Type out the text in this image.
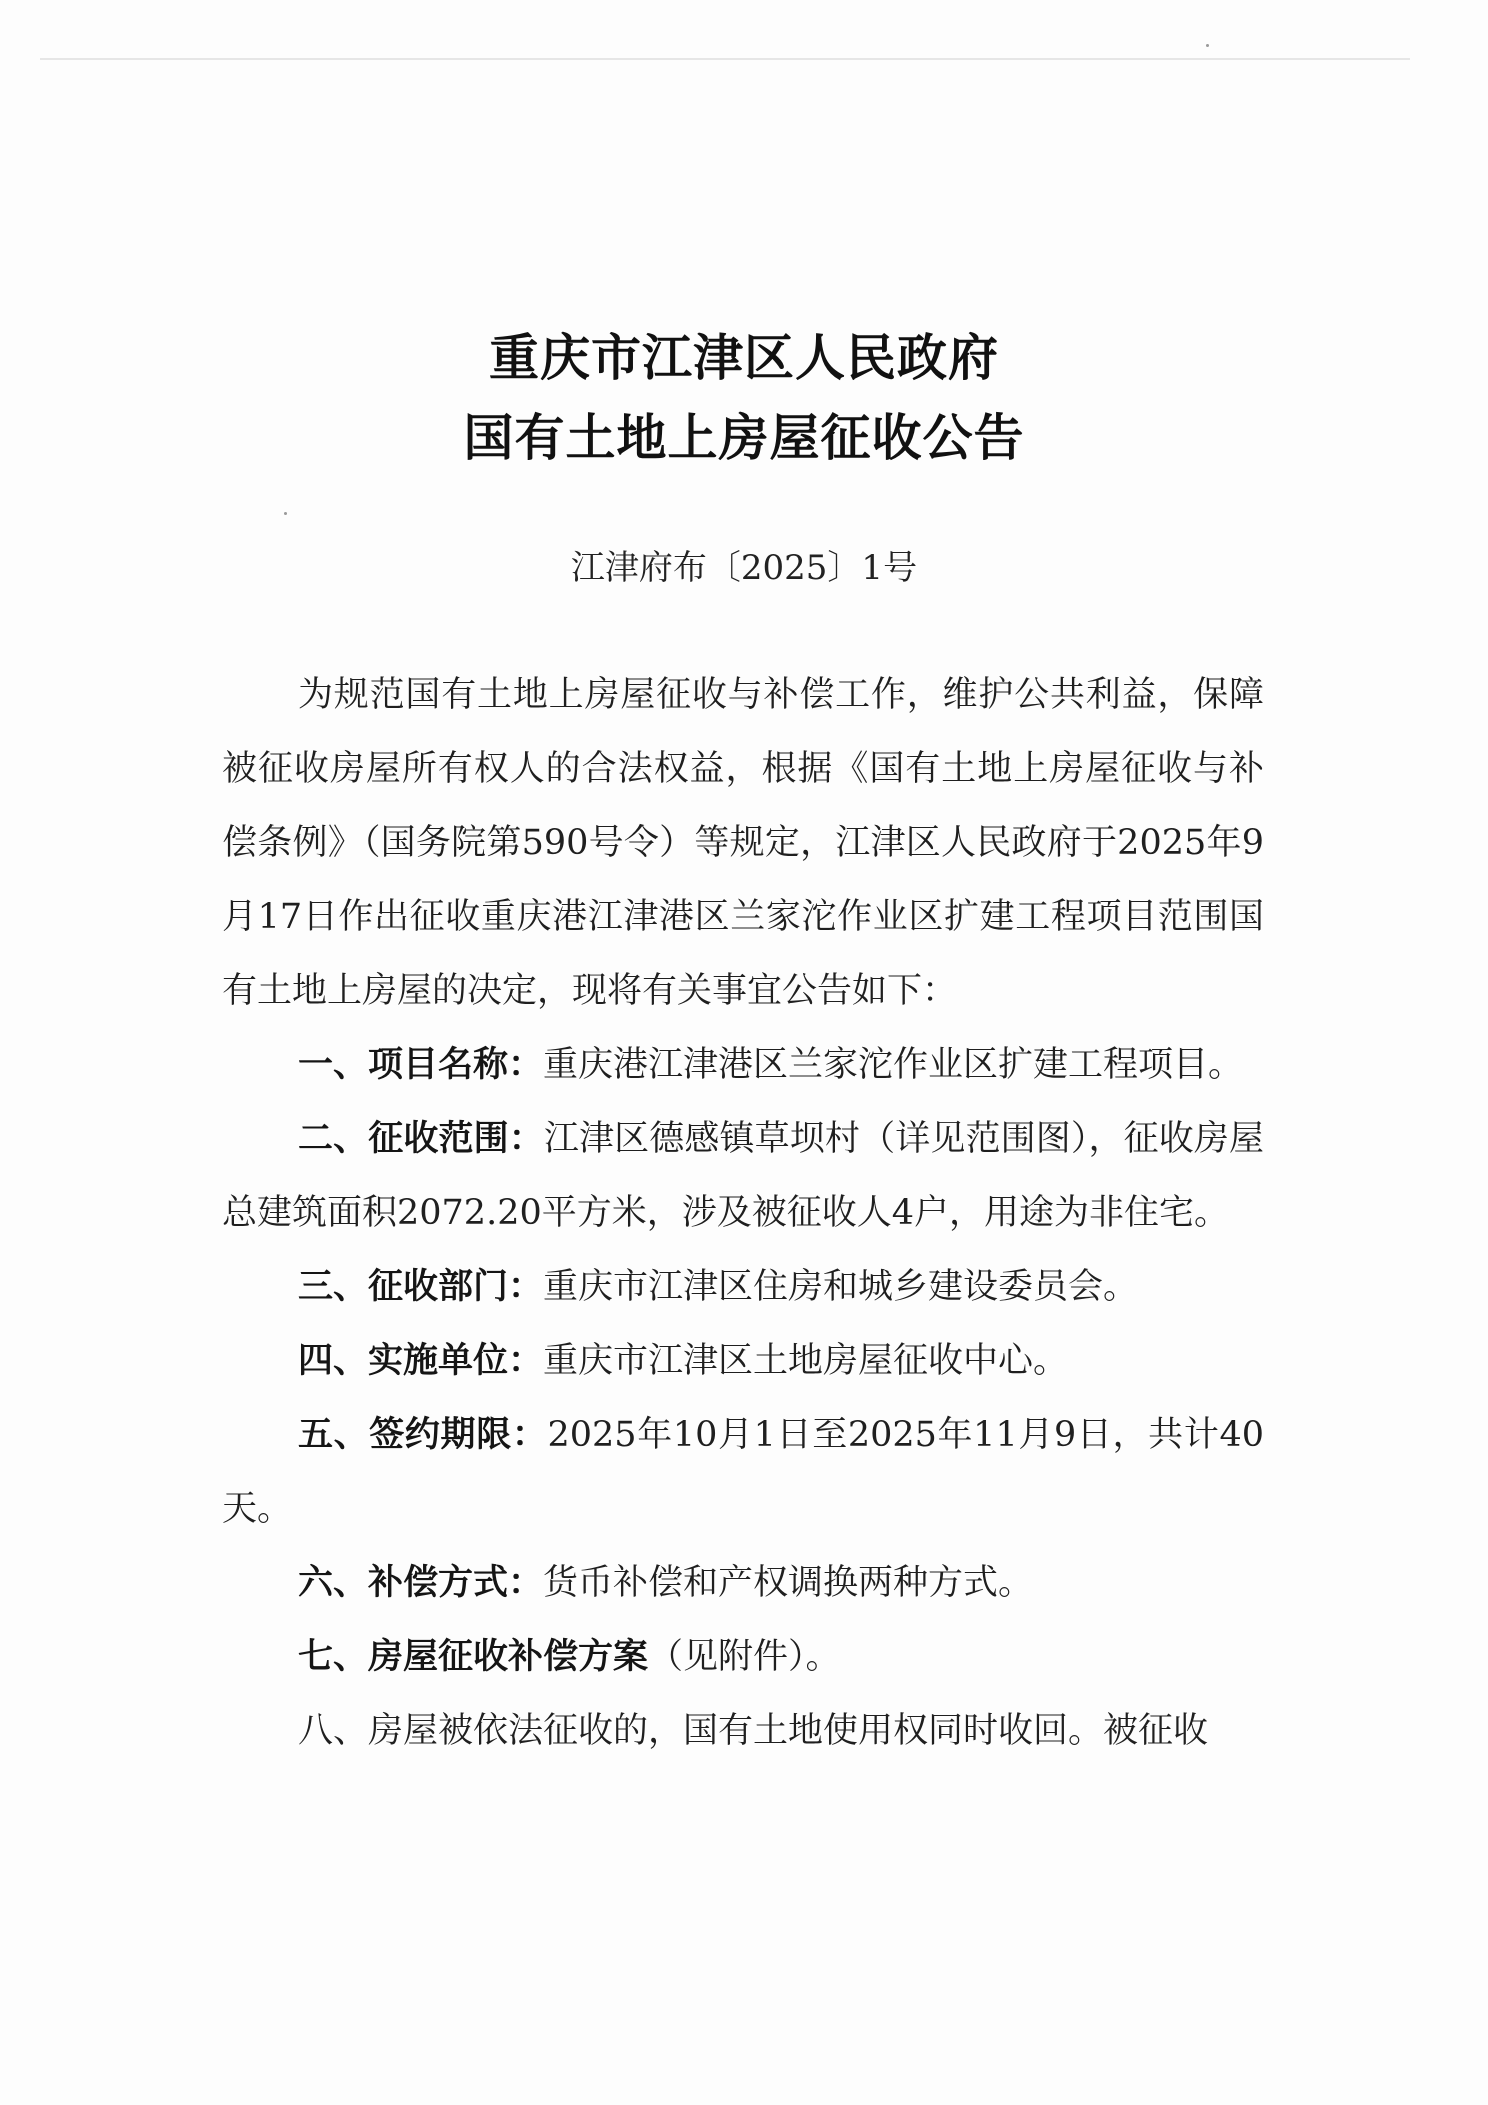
重庆市江津区人民政府
国有土地上房屋征收公告
江津府布〔2025〕1号

为规范国有土地上房屋征收与补偿工作，维护公共利益，保障被征收房屋所有权人的合法权益，根据《国有土地上房屋征收与补偿条例》（国务院第590号令）等规定，江津区人民政府于2025年9月17日作出征收重庆港江津港区兰家沱作业区扩建工程项目范围国有土地上房屋的决定，现将有关事宜公告如下：

一、项目名称：重庆港江津港区兰家沱作业区扩建工程项目。

二、征收范围：江津区德感镇草坝村（详见范围图），征收房屋总建筑面积2072.20平方米，涉及被征收人4户，用途为非住宅。

三、征收部门：重庆市江津区住房和城乡建设委员会。

四、实施单位：重庆市江津区土地房屋征收中心。

五、签约期限：2025年10月1日至2025年11月9日，共计40天。

六、补偿方式：货币补偿和产权调换两种方式。

七、房屋征收补偿方案（见附件）。

八、房屋被依法征收的，国有土地使用权同时收回。被征收
